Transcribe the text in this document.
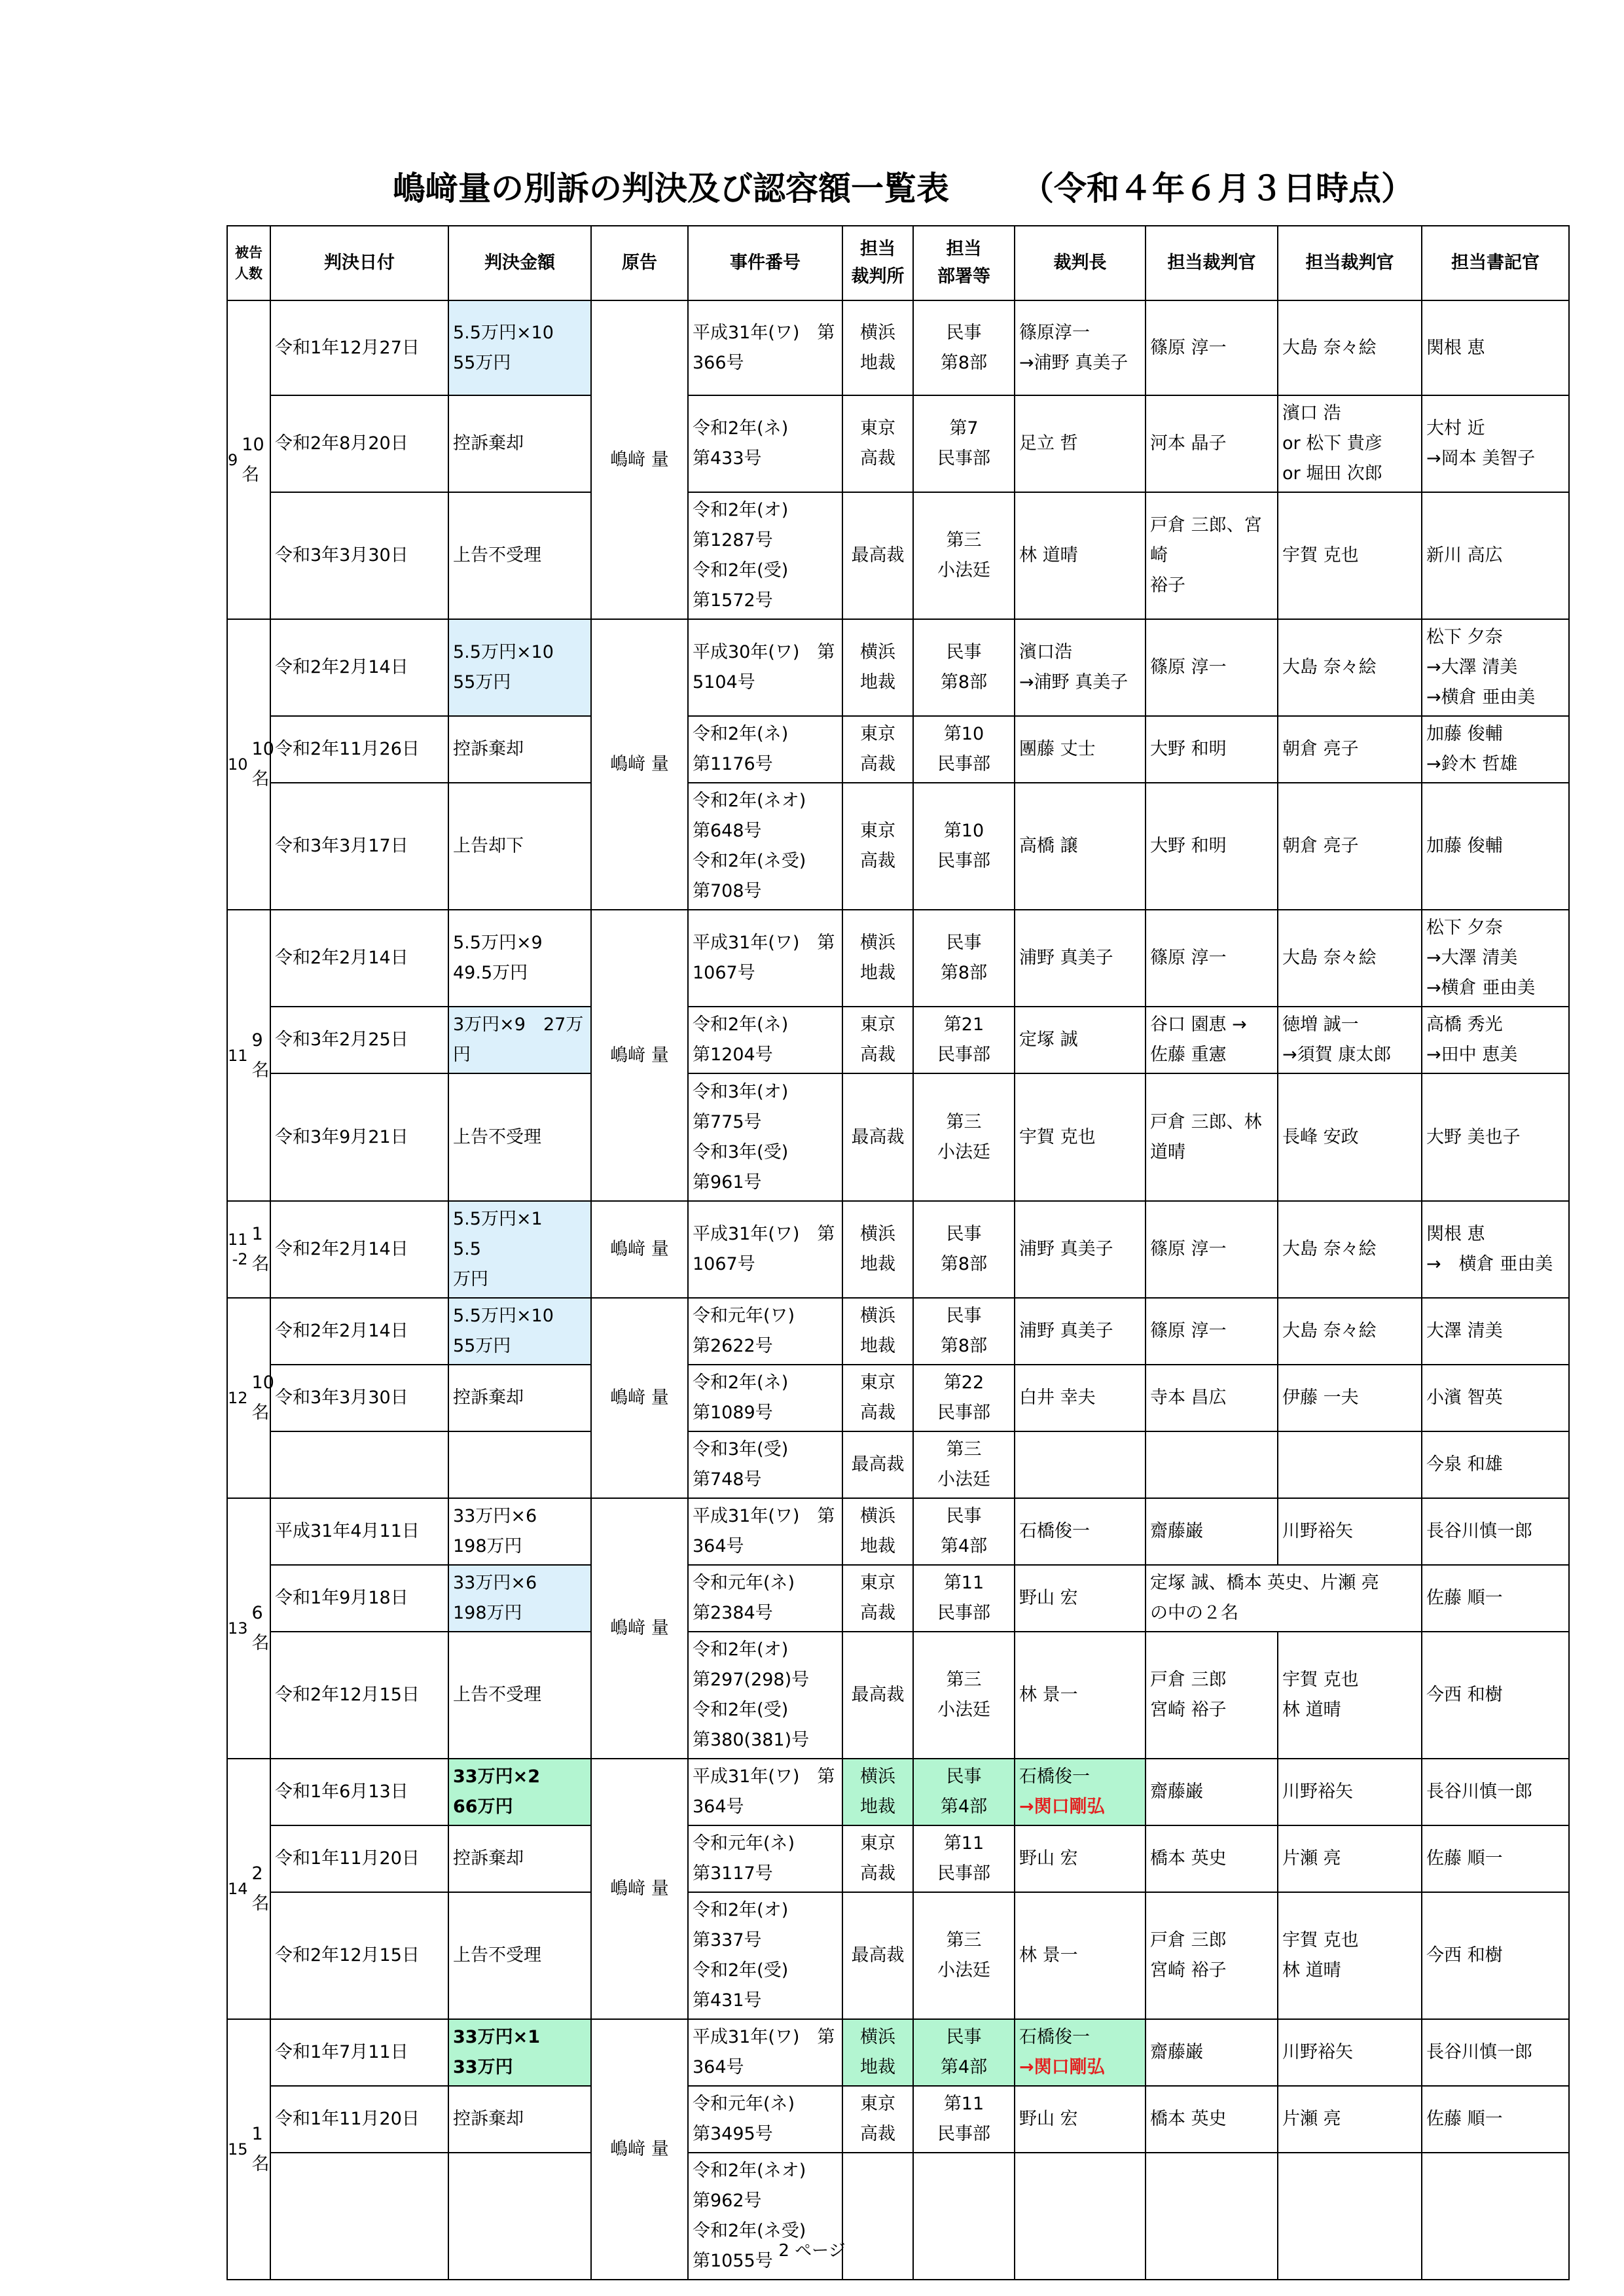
嶋﨑量の別訴の判決及び認容額一覧表 （令和４年６月３日時点）
被告
人数	判決日付	判決金額	原告	事件番号	担当
裁判所	担当
部署等	裁判長	担当裁判官	担当裁判官	担当書記官

9
10名	令和1年12月27日	5.5万円×10
55万円	嶋﨑 量	平成31年(ワ)　第
366号	横浜
地裁	民事
第8部	篠原淳一
→浦野 真美子	篠原 淳一	大島 奈々絵	関根 恵

	令和2年8月20日	控訴棄却		令和2年(ネ)
第433号	東京
高裁	第7
民事部	足立 哲	河本 晶子	濱口 浩
or 松下 貴彦
or 堀田 次郎	大村 近
→岡本 美智子

	令和3年3月30日	上告不受理		令和2年(オ)
第1287号
令和2年(受)
第1572号	最高裁	第三
小法廷	林 道晴	戸倉 三郎、宮崎
裕子	宇賀 克也	新川 高広

10
10名	令和2年2月14日	5.5万円×10
55万円	嶋﨑 量	平成30年(ワ)　第
5104号	横浜
地裁	民事
第8部	濱口浩
→浦野 真美子	篠原 淳一	大島 奈々絵	松下 夕奈
→大澤 清美
→横倉 亜由美

	令和2年11月26日	控訴棄却		令和2年(ネ)
第1176号	東京
高裁	第10
民事部	團藤 丈士	大野 和明	朝倉 亮子	加藤 俊輔
→鈴木 哲雄

	令和3年3月17日	上告却下		令和2年(ネオ)
第648号
令和2年(ネ受)
第708号	東京
高裁	第10
民事部	高橋 譲	大野 和明	朝倉 亮子	加藤 俊輔

11
9名	令和2年2月14日	5.5万円×9
49.5万円	嶋﨑 量	平成31年(ワ)　第
1067号	横浜
地裁	民事
第8部	浦野 真美子	篠原 淳一	大島 奈々絵	松下 夕奈
→大澤 清美
→横倉 亜由美

	令和3年2月25日	3万円×9　27万
円		令和2年(ネ)
第1204号	東京
高裁	第21
民事部	定塚 誠	谷口 園恵 →
佐藤 重憲	徳増 誠一
→須賀 康太郎	高橋 秀光
→田中 恵美

	令和3年9月21日	上告不受理		令和3年(オ)
第775号
令和3年(受)
第961号	最高裁	第三
小法廷	宇賀 克也	戸倉 三郎、林
道晴	長峰 安政	大野 美也子

11
-2
1名	令和2年2月14日	5.5万円×1　5.5
万円	嶋﨑 量	平成31年(ワ)　第
1067号	横浜
地裁	民事
第8部	浦野 真美子	篠原 淳一	大島 奈々絵	関根 恵
→　横倉 亜由美

12
10名	令和2年2月14日	5.5万円×10
55万円	嶋﨑 量	令和元年(ワ)
第2622号	横浜
地裁	民事
第8部	浦野 真美子	篠原 淳一	大島 奈々絵	大澤 清美

	令和3年3月30日	控訴棄却		令和2年(ネ)
第1089号	東京
高裁	第22
民事部	白井 幸夫	寺本 昌広	伊藤 一夫	小濱 智英

				令和3年(受)
第748号	最高裁	第三
小法廷				今泉 和雄

13
6名	平成31年4月11日	33万円×6
198万円	嶋﨑 量	平成31年(ワ)　第
364号	横浜
地裁	民事
第4部	石橋俊一	齋藤巌	川野裕矢	長谷川慎一郎

	令和1年9月18日	33万円×6
198万円		令和元年(ネ)
第2384号	東京
高裁	第11
民事部	野山 宏	定塚 誠、橋本 英史、片瀬 亮
の中の２名		佐藤 順一

	令和2年12月15日	上告不受理		令和2年(オ)
第297(298)号
令和2年(受)
第380(381)号	最高裁	第三
小法廷	林 景一	戸倉 三郎
宮崎 裕子	宇賀 克也
林 道晴	今西 和樹

14
2名	令和1年6月13日	33万円×2
66万円	嶋﨑 量	平成31年(ワ)　第
364号	横浜
地裁	民事
第4部	石橋俊一
→関口剛弘	齋藤巌	川野裕矢	長谷川慎一郎

	令和1年11月20日	控訴棄却		令和元年(ネ)
第3117号	東京
高裁	第11
民事部	野山 宏	橋本 英史	片瀬 亮	佐藤 順一

	令和2年12月15日	上告不受理		令和2年(オ)
第337号
令和2年(受)
第431号	最高裁	第三
小法廷	林 景一	戸倉 三郎
宮崎 裕子	宇賀 克也
林 道晴	今西 和樹

15
1名	令和1年7月11日	33万円×1
33万円	嶋﨑 量	平成31年(ワ)　第
364号	横浜
地裁	民事
第4部	石橋俊一
→関口剛弘	齋藤巌	川野裕矢	長谷川慎一郎

	令和1年11月20日	控訴棄却		令和元年(ネ)
第3495号	東京
高裁	第11
民事部	野山 宏	橋本 英史	片瀬 亮	佐藤 順一

				令和2年(ネオ)
第962号
令和2年(ネ受)
第1055号						

	2 ページ
